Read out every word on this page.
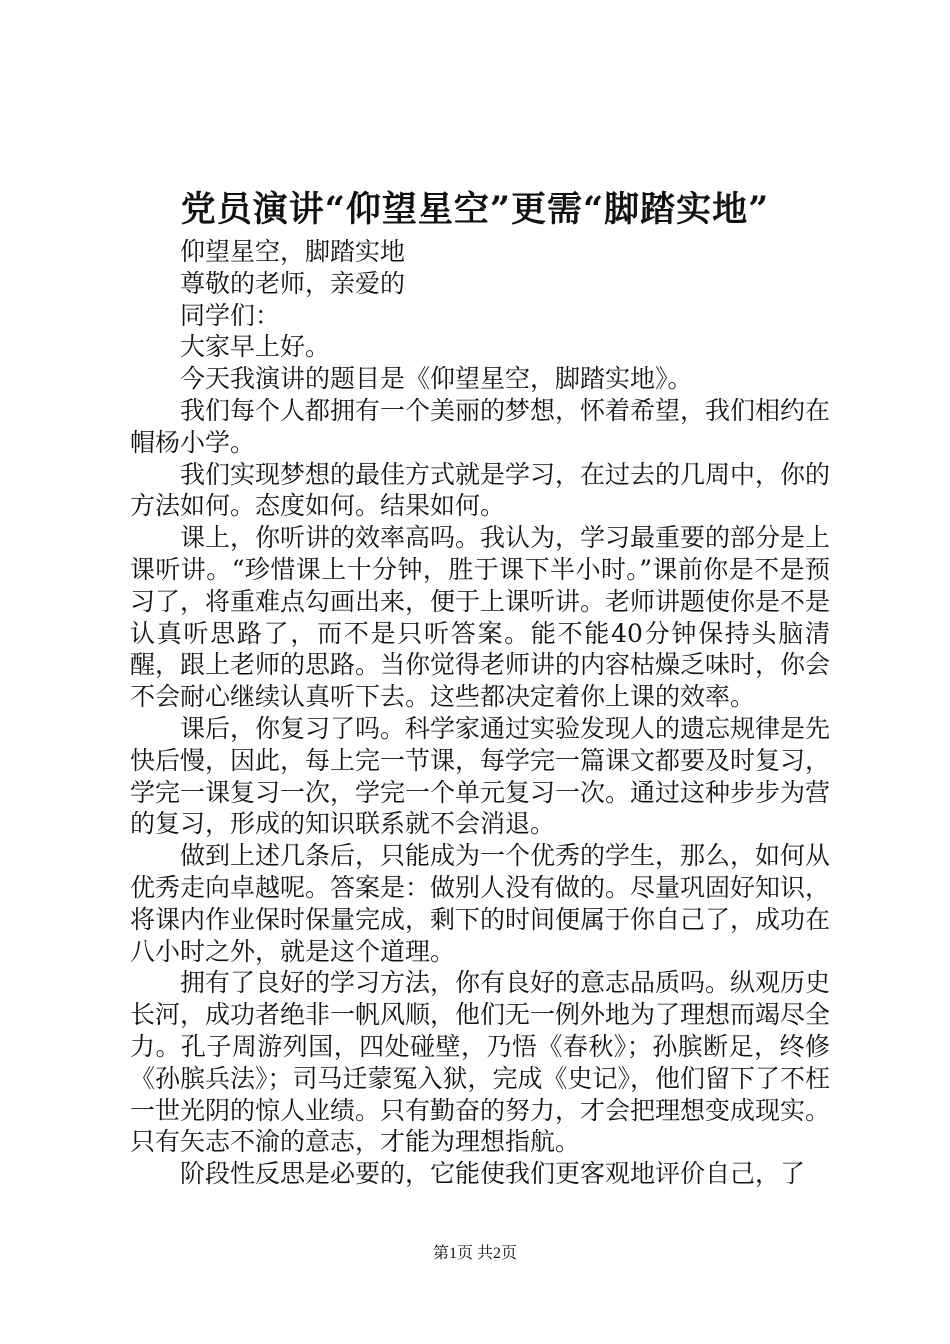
党员演讲“仰望星空”更需“脚踏实地”

仰望星空，脚踏实地

尊敬的老师，亲爱的

同学们：

大家早上好。

今天我演讲的题目是《仰望星空，脚踏实地》。

我们每个人都拥有一个美丽的梦想，怀着希望，我们相约在帽杨小学。

我们实现梦想的最佳方式就是学习，在过去的几周中，你的方法如何。态度如何。结果如何。

课上，你听讲的效率高吗。我认为，学习最重要的部分是上课听讲。“珍惜课上十分钟，胜于课下半小时。”课前你是不是预习了，将重难点勾画出来，便于上课听讲。老师讲题使你是不是认真听思路了，而不是只听答案。能不能40分钟保持头脑清醒，跟上老师的思路。当你觉得老师讲的内容枯燥乏味时，你会不会耐心继续认真听下去。这些都决定着你上课的效率。

课后，你复习了吗。科学家通过实验发现人的遗忘规律是先快后慢，因此，每上完一节课，每学完一篇课文都要及时复习，学完一课复习一次，学完一个单元复习一次。通过这种步步为营的复习，形成的知识联系就不会消退。

做到上述几条后，只能成为一个优秀的学生，那么，如何从优秀走向卓越呢。答案是：做别人没有做的。尽量巩固好知识，将课内作业保时保量完成，剩下的时间便属于你自己了，成功在八小时之外，就是这个道理。

拥有了良好的学习方法，你有良好的意志品质吗。纵观历史长河，成功者绝非一帆风顺，他们无一例外地为了理想而竭尽全力。孔子周游列国，四处碰壁，乃悟《春秋》；孙膑断足，终修《孙膑兵法》；司马迁蒙冤入狱，完成《史记》，他们留下了不枉一世光阴的惊人业绩。只有勤奋的努力，才会把理想变成现实。只有矢志不渝的意志，才能为理想指航。

阶段性反思是必要的，它能使我们更客观地评价自己，了

第1页 共2页
